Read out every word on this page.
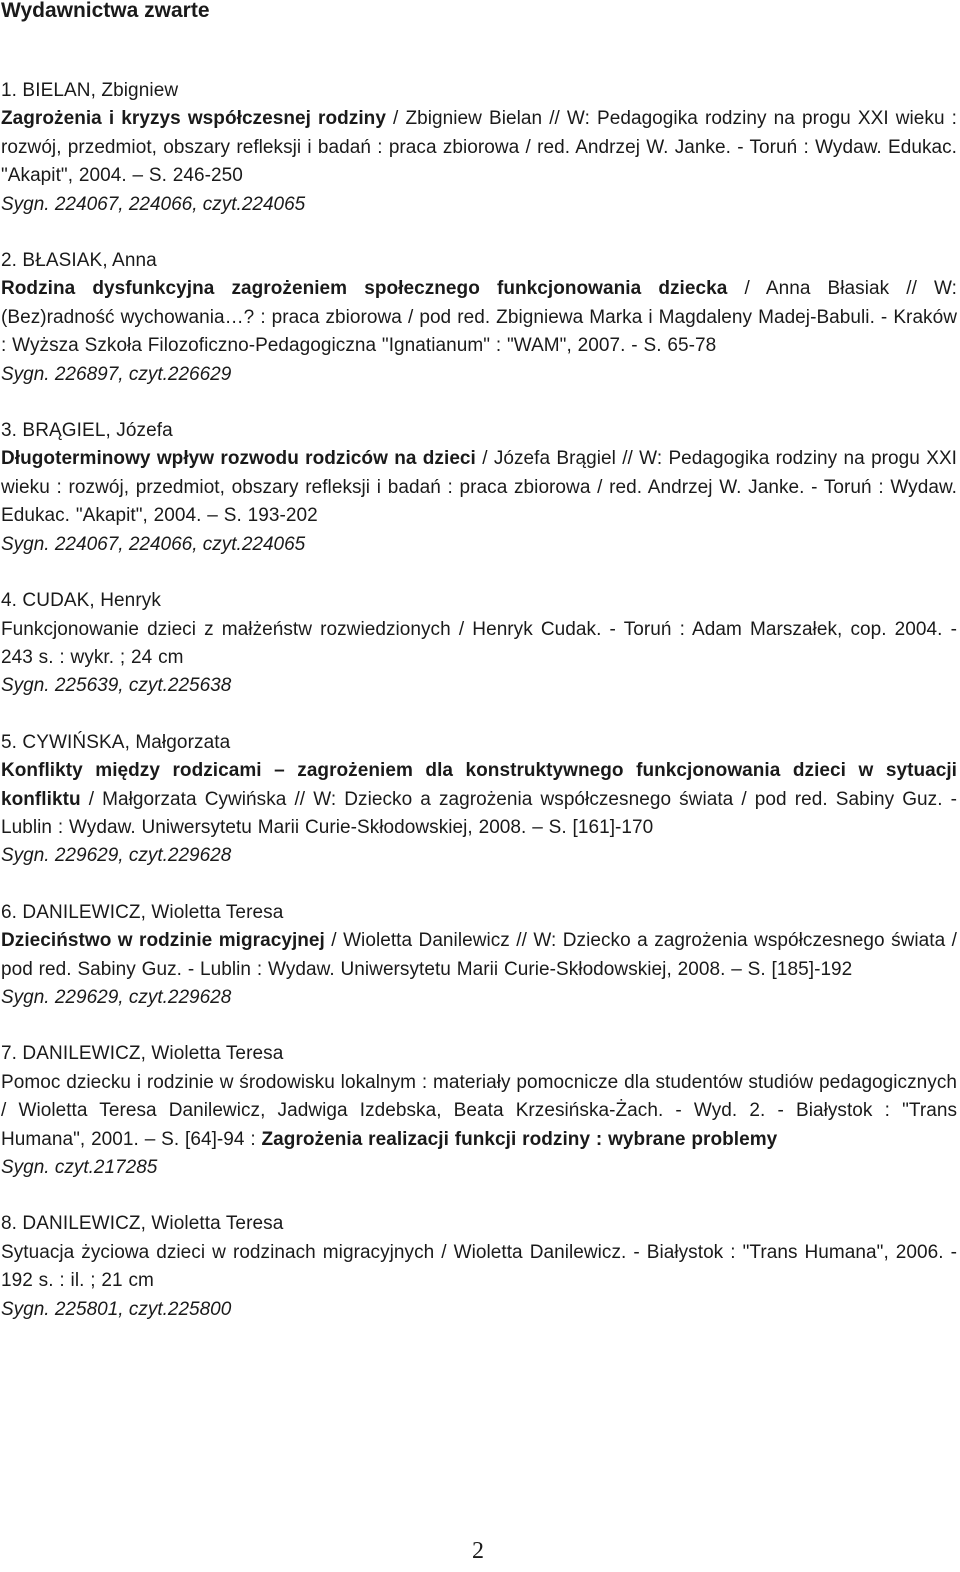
Wydawnictwa zwarte
1. BIELAN, Zbigniew
Zagrożenia i kryzys współczesnej rodziny / Zbigniew Bielan // W: Pedagogika rodziny na progu XXI wieku : rozwój, przedmiot, obszary refleksji i badań : praca zbiorowa / red. Andrzej W. Janke. - Toruń : Wydaw. Edukac. "Akapit", 2004. – S. 246-250
Sygn. 224067, 224066, czyt.224065
2. BŁASIAK, Anna
Rodzina dysfunkcyjna zagrożeniem społecznego funkcjonowania dziecka / Anna Błasiak // W: (Bez)radność wychowania…? : praca zbiorowa / pod red. Zbigniewa Marka i Magdaleny Madej-Babuli. - Kraków : Wyższa Szkoła Filozoficzno-Pedagogiczna "Ignatianum" : "WAM", 2007. - S. 65-78
Sygn. 226897, czyt.226629
3. BRĄGIEL, Józefa
Długoterminowy wpływ rozwodu rodziców na dzieci / Józefa Brągiel // W: Pedagogika rodziny na progu XXI wieku : rozwój, przedmiot, obszary refleksji i badań : praca zbiorowa / red. Andrzej W. Janke. - Toruń : Wydaw. Edukac. "Akapit", 2004. – S. 193-202
Sygn. 224067, 224066, czyt.224065
4. CUDAK, Henryk
Funkcjonowanie dzieci z małżeństw rozwiedzionych / Henryk Cudak. - Toruń : Adam Marszałek, cop. 2004. - 243 s. : wykr. ; 24 cm
Sygn. 225639, czyt.225638
5. CYWIŃSKA, Małgorzata
Konflikty między rodzicami – zagrożeniem dla konstruktywnego funkcjonowania dzieci w sytuacji konfliktu / Małgorzata Cywińska // W: Dziecko a zagrożenia współczesnego świata / pod red. Sabiny Guz. - Lublin : Wydaw. Uniwersytetu Marii Curie-Skłodowskiej, 2008. – S. [161]-170
Sygn. 229629, czyt.229628
6. DANILEWICZ, Wioletta Teresa
Dzieciństwo w rodzinie migracyjnej / Wioletta Danilewicz // W: Dziecko a zagrożenia współczesnego świata / pod red. Sabiny Guz. - Lublin : Wydaw. Uniwersytetu Marii Curie-Skłodowskiej, 2008. – S. [185]-192
Sygn. 229629, czyt.229628
7. DANILEWICZ, Wioletta Teresa
Pomoc dziecku i rodzinie w środowisku lokalnym : materiały pomocnicze dla studentów studiów pedagogicznych / Wioletta Teresa Danilewicz, Jadwiga Izdebska, Beata Krzesińska-Żach. - Wyd. 2. - Białystok : "Trans Humana", 2001. – S. [64]-94 : Zagrożenia realizacji funkcji rodziny : wybrane problemy
Sygn. czyt.217285
8. DANILEWICZ, Wioletta Teresa
Sytuacja życiowa dzieci w rodzinach migracyjnych / Wioletta Danilewicz. - Białystok : "Trans Humana", 2006. - 192 s. : il. ; 21 cm
Sygn. 225801, czyt.225800
2
